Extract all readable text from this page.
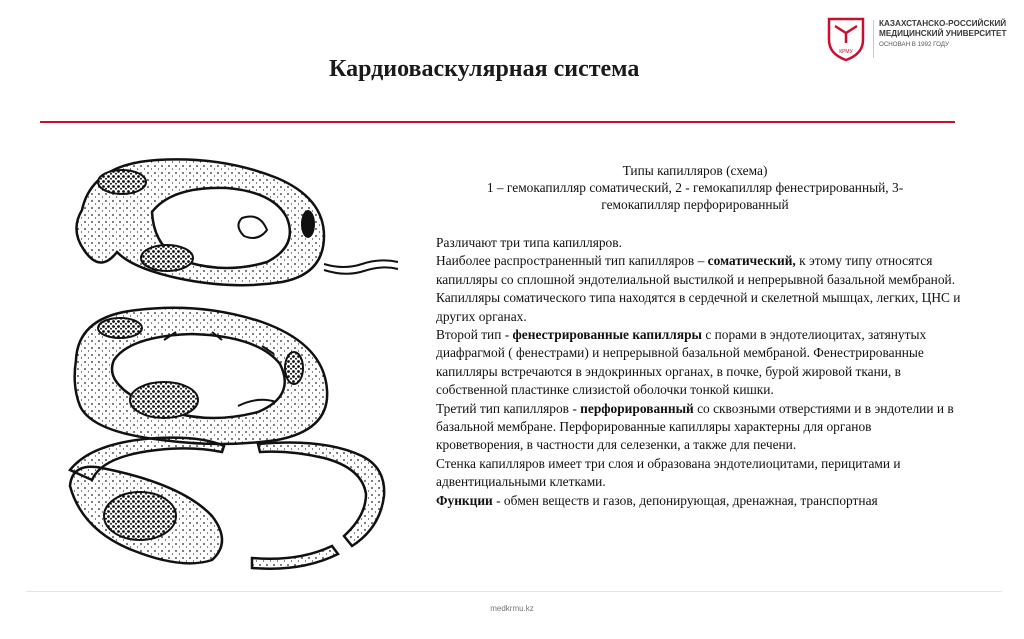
КРМУ
КАЗАХСТАНСКО-РОССИЙСКИЙ
МЕДИЦИНСКИЙ УНИВЕРСИТЕТ
ОСНОВАН В 1992 ГОДУ
Кардиоваскулярная система
Типы капилляров (схема)
1 – гемокапилляр соматический, 2 - гемокапилляр фенестрированный, 3-
гемокапилляр перфорированный

Различают три типа капилляров.

Наиболее распространенный тип капилляров – соматический, к этому типу относятся капилляры со сплошной эндотелиальной выстилкой и непрерывной базальной мембраной. Капилляры соматического типа находятся в сердечной и скелетной мышцах, легких, ЦНС и других органах.

Второй тип - фенестрированные капилляры с порами в эндотелиоцитах, затянутых диафрагмой ( фенестрами) и непрерывной базальной мембраной. Фенестрированные капилляры встречаются в эндокринных органах, в почке, бурой жировой ткани, в собственной пластинке слизистой оболочки тонкой кишки.

Третий тип капилляров - перфорированный со сквозными отверстиями и в эндотелии и в базальной мембране. Перфорированные капилляры характерны для органов кроветворения, в частности для селезенки, а также для печени.

Стенка капилляров имеет три слоя и образована эндотелиоцитами, перицитами и адвентициальными клетками.

Функции - обмен веществ и газов, депонирующая, дренажная, транспортная

medkrmu.kz
